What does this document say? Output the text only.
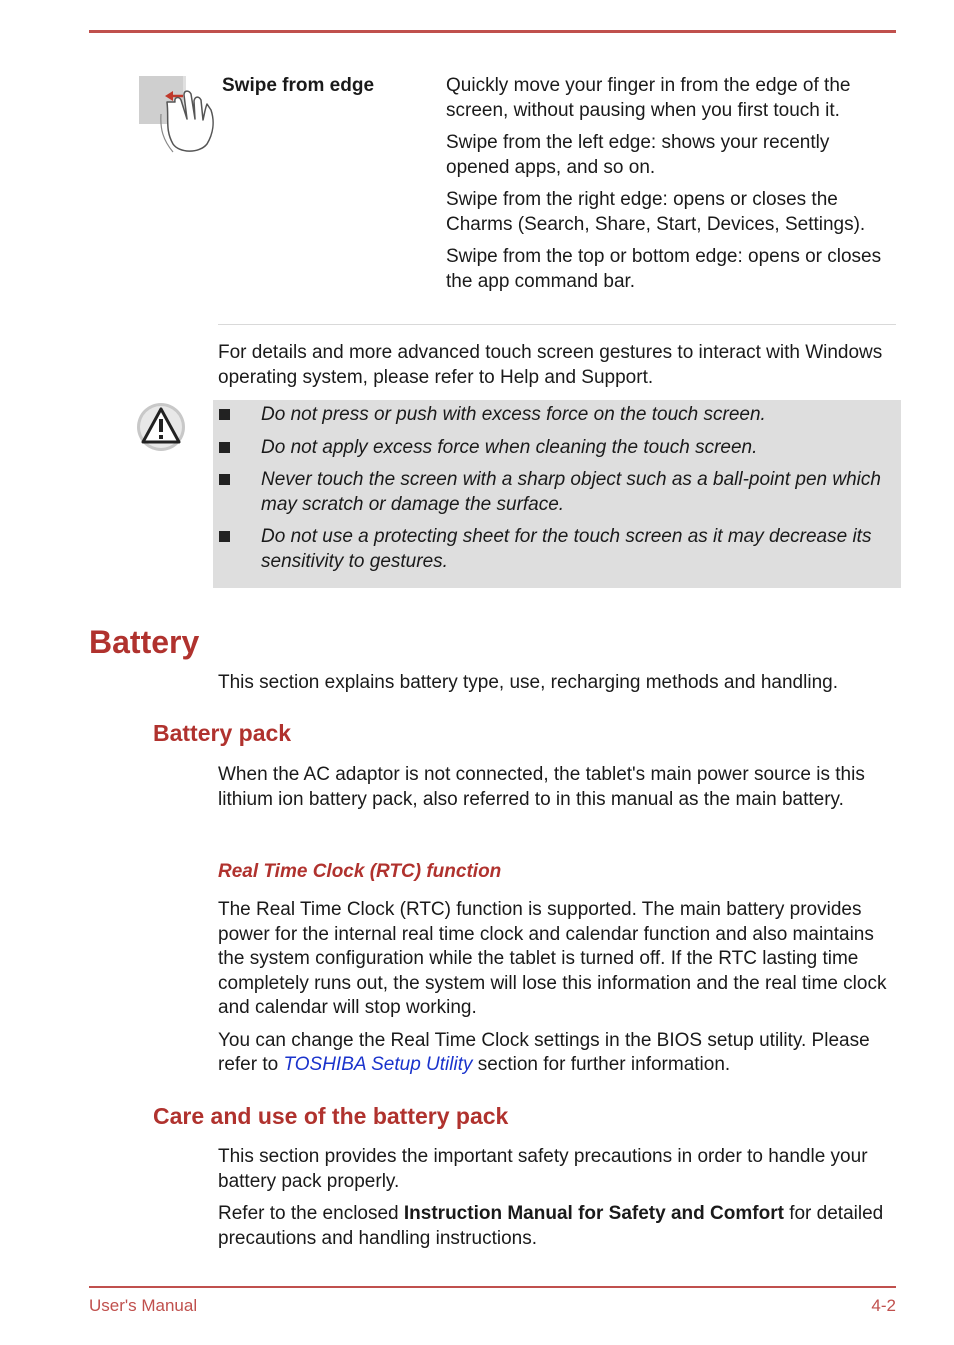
Swipe from edge	Quickly move your finger in from the edge of the screen, without pausing when you first touch it.

Swipe from the left edge: shows your recently opened apps, and so on.

Swipe from the right edge: opens or closes the Charms (Search, Share, Start, Devices, Settings).

Swipe from the top or bottom edge: opens or closes the app command bar.

For details and more advanced touch screen gestures to interact with Windows operating system, please refer to Help and Support.
Do not press or push with excess force on the touch screen.
Do not apply excess force when cleaning the touch screen.
Never touch the screen with a sharp object such as a ball-point pen which may scratch or damage the surface.
Do not use a protecting sheet for the touch screen as it may decrease its sensitivity to gestures.
Battery
This section explains battery type, use, recharging methods and handling.
Battery pack
When the AC adaptor is not connected, the tablet's main power source is this lithium ion battery pack, also referred to in this manual as the main battery.
Real Time Clock (RTC) function

The Real Time Clock (RTC) function is supported. The main battery provides power for the internal real time clock and calendar function and also maintains the system configuration while the tablet is turned off. If the RTC lasting time completely runs out, the system will lose this information and the real time clock and calendar will stop working.

You can change the Real Time Clock settings in the BIOS setup utility. Please refer to TOSHIBA Setup Utility section for further information.

Care and use of the battery pack

This section provides the important safety precautions in order to handle your battery pack properly.

Refer to the enclosed Instruction Manual for Safety and Comfort for detailed precautions and handling instructions.

User's Manual	4-2
